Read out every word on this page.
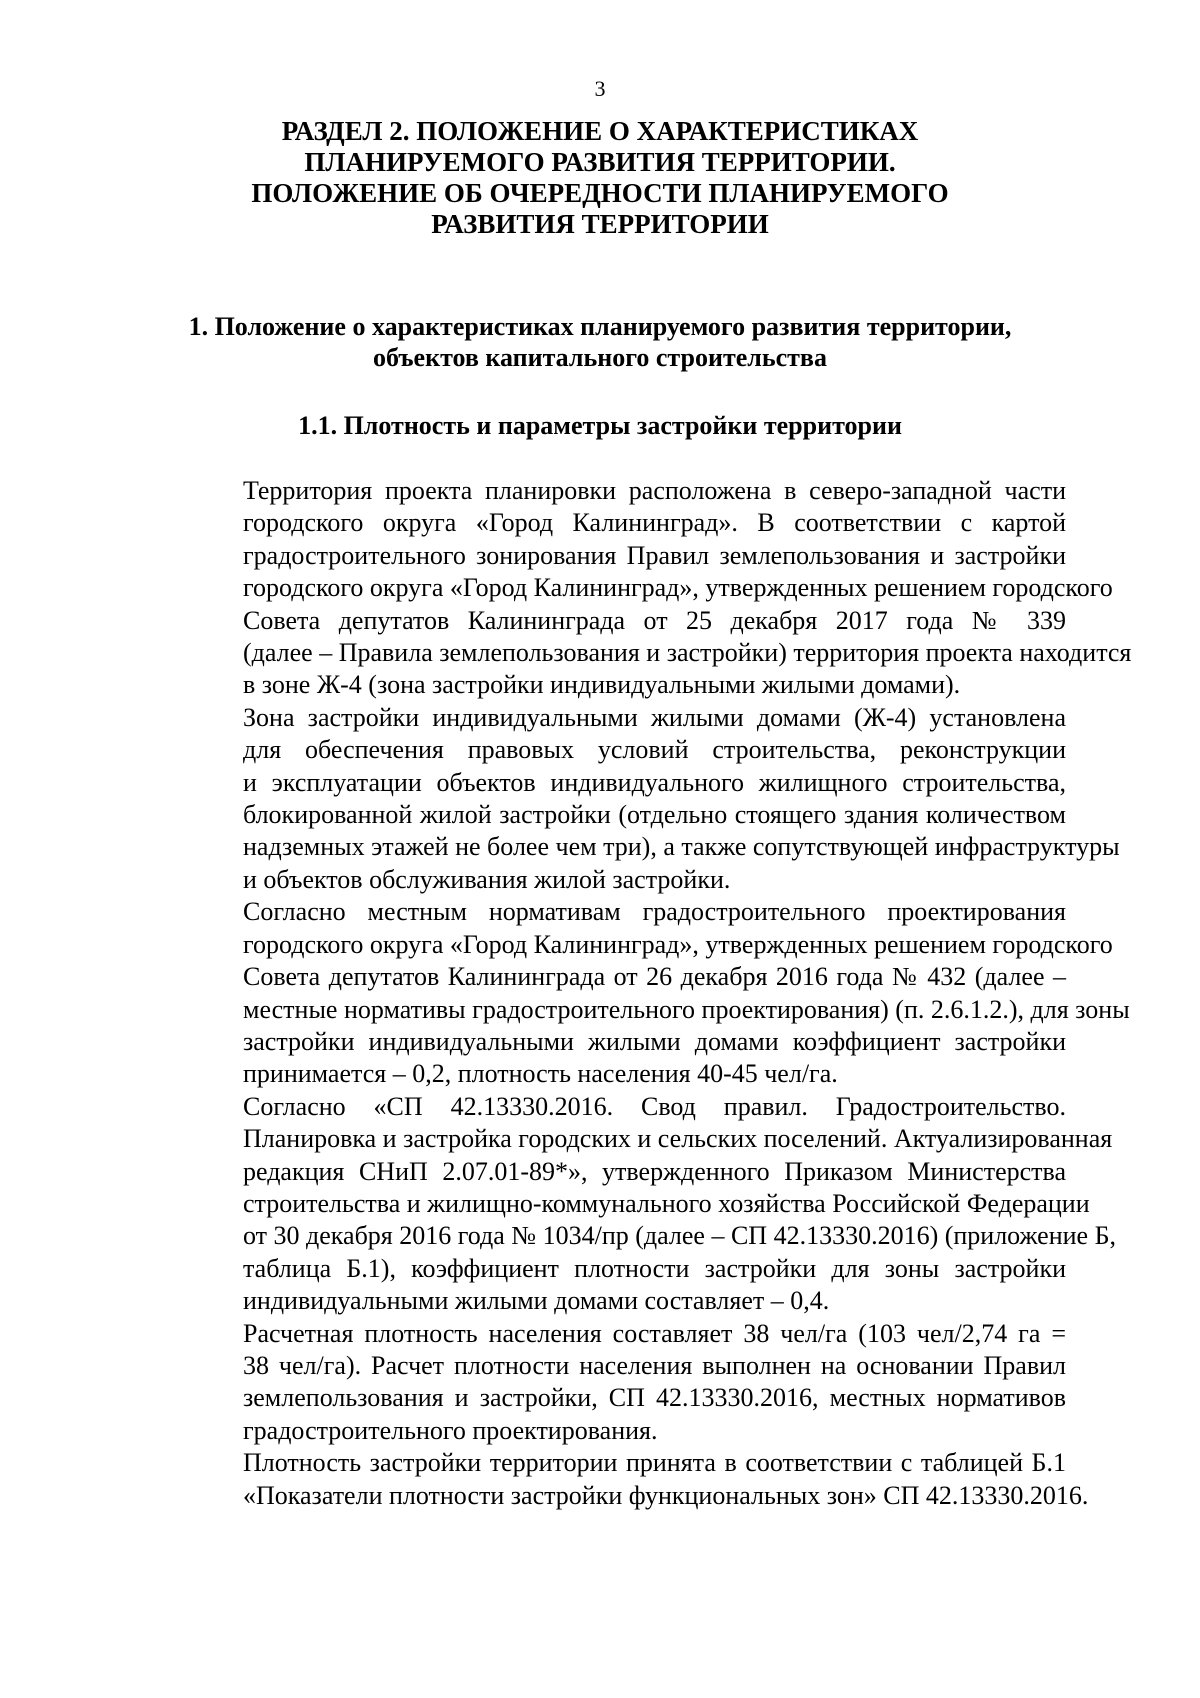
3
РАЗДЕЛ 2. ПОЛОЖЕНИЕ О ХАРАКТЕРИСТИКАХ
ПЛАНИРУЕМОГО РАЗВИТИЯ ТЕРРИТОРИИ.
ПОЛОЖЕНИЕ ОБ ОЧЕРЕДНОСТИ ПЛАНИРУЕМОГО
РАЗВИТИЯ ТЕРРИТОРИИ
1. Положение о характеристиках планируемого развития территории,
объектов капитального строительства
1.1. Плотность и параметры застройки территории

Территория проекта планировки расположена в северо-западной части
городского округа «Город Калининград». В соответствии с картой
градостроительного зонирования Правил землепользования и застройки
городского округа «Город Калининград», утвержденных решением городского
Совета депутатов Калининграда от 25 декабря 2017 года № 339
(далее – Правила землепользования и застройки) территория проекта находится
в зоне Ж-4 (зона застройки индивидуальными жилыми домами).

Зона застройки индивидуальными жилыми домами (Ж-4) установлена
для обеспечения правовых условий строительства, реконструкции
и эксплуатации объектов индивидуального жилищного строительства,
блокированной жилой застройки (отдельно стоящего здания количеством
надземных этажей не более чем три), а также сопутствующей инфраструктуры
и объектов обслуживания жилой застройки.

Согласно местным нормативам градостроительного проектирования
городского округа «Город Калининград», утвержденных решением городского
Совета депутатов Калининграда от 26 декабря 2016 года № 432 (далее –
местные нормативы градостроительного проектирования) (п. 2.6.1.2.), для зоны
застройки индивидуальными жилыми домами коэффициент застройки
принимается – 0,2, плотность населения 40-45 чел/га.

Согласно «СП 42.13330.2016. Свод правил. Градостроительство.
Планировка и застройка городских и сельских поселений. Актуализированная
редакция СНиП 2.07.01-89*», утвержденного Приказом Министерства
строительства и жилищно-коммунального хозяйства Российской Федерации
от 30 декабря 2016 года № 1034/пр (далее – СП 42.13330.2016) (приложение Б,
таблица Б.1), коэффициент плотности застройки для зоны застройки
индивидуальными жилыми домами составляет – 0,4.

Расчетная плотность населения составляет 38 чел/га (103 чел/2,74 га =
38 чел/га). Расчет плотности населения выполнен на основании Правил
землепользования и застройки, СП 42.13330.2016, местных нормативов
градостроительного проектирования.

Плотность застройки территории принята в соответствии с таблицей Б.1
«Показатели плотности застройки функциональных зон» СП 42.13330.2016.
